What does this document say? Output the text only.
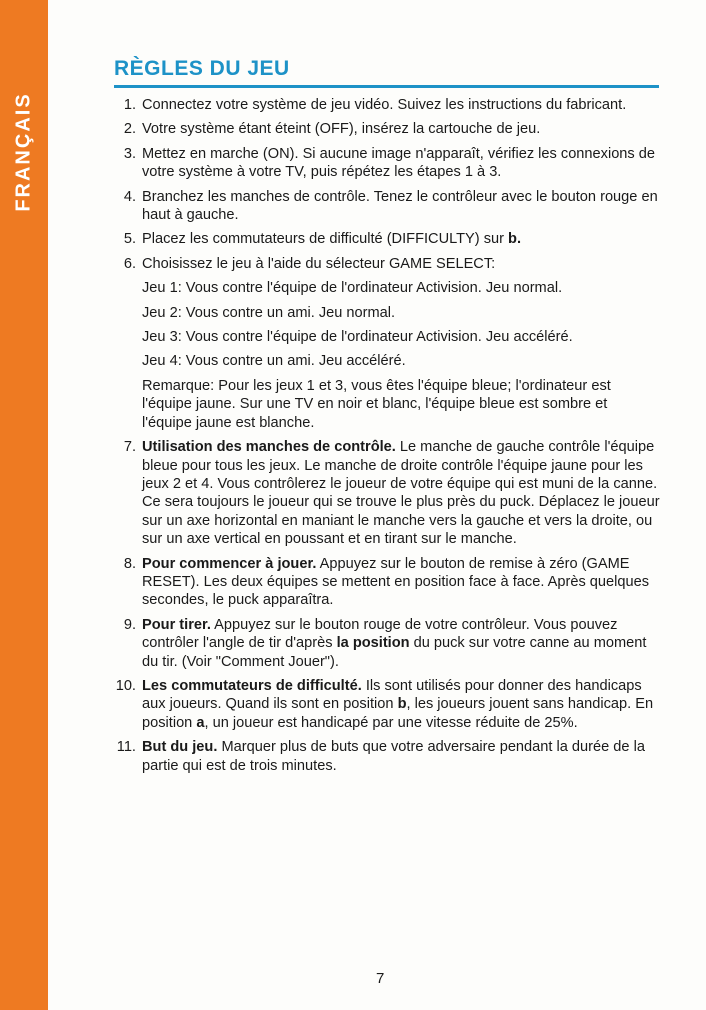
FRANÇAIS
RÈGLES DU JEU
1. Connectez votre système de jeu vidéo. Suivez les instructions du fabricant.
2. Votre système étant éteint (OFF), insérez la cartouche de jeu.
3. Mettez en marche (ON). Si aucune image n'apparaît, vérifiez les connexions de votre système à votre TV, puis répétez les étapes 1 à 3.
4. Branchez les manches de contrôle. Tenez le contrôleur avec le bouton rouge en haut à gauche.
5. Placez les commutateurs de difficulté (DIFFICULTY) sur b.
6. Choisissez le jeu à l'aide du sélecteur GAME SELECT:
Jeu 1: Vous contre l'équipe de l'ordinateur Activision. Jeu normal.
Jeu 2: Vous contre un ami. Jeu normal.
Jeu 3: Vous contre l'équipe de l'ordinateur Activision. Jeu accéléré.
Jeu 4: Vous contre un ami. Jeu accéléré.
Remarque: Pour les jeux 1 et 3, vous êtes l'équipe bleue; l'ordinateur est l'équipe jaune. Sur une TV en noir et blanc, l'équipe bleue est sombre et l'équipe jaune est blanche.
7. Utilisation des manches de contrôle. Le manche de gauche contrôle l'équipe bleue pour tous les jeux. Le manche de droite contrôle l'équipe jaune pour les jeux 2 et 4. Vous contrôlerez le joueur de votre équipe qui est muni de la canne. Ce sera toujours le joueur qui se trouve le plus près du puck. Déplacez le joueur sur un axe horizontal en maniant le manche vers la gauche et vers la droite, ou sur un axe vertical en poussant et en tirant sur le manche.
8. Pour commencer à jouer. Appuyez sur le bouton de remise à zéro (GAME RESET). Les deux équipes se mettent en position face à face. Après quelques secondes, le puck apparaîtra.
9. Pour tirer. Appuyez sur le bouton rouge de votre contrôleur. Vous pouvez contrôler l'angle de tir d'après la position du puck sur votre canne au moment du tir. (Voir "Comment Jouer").
10. Les commutateurs de difficulté. Ils sont utilisés pour donner des handicaps aux joueurs. Quand ils sont en position b, les joueurs jouent sans handicap. En position a, un joueur est handicapé par une vitesse réduite de 25%.
11. But du jeu. Marquer plus de buts que votre adversaire pendant la durée de la partie qui est de trois minutes.
7
